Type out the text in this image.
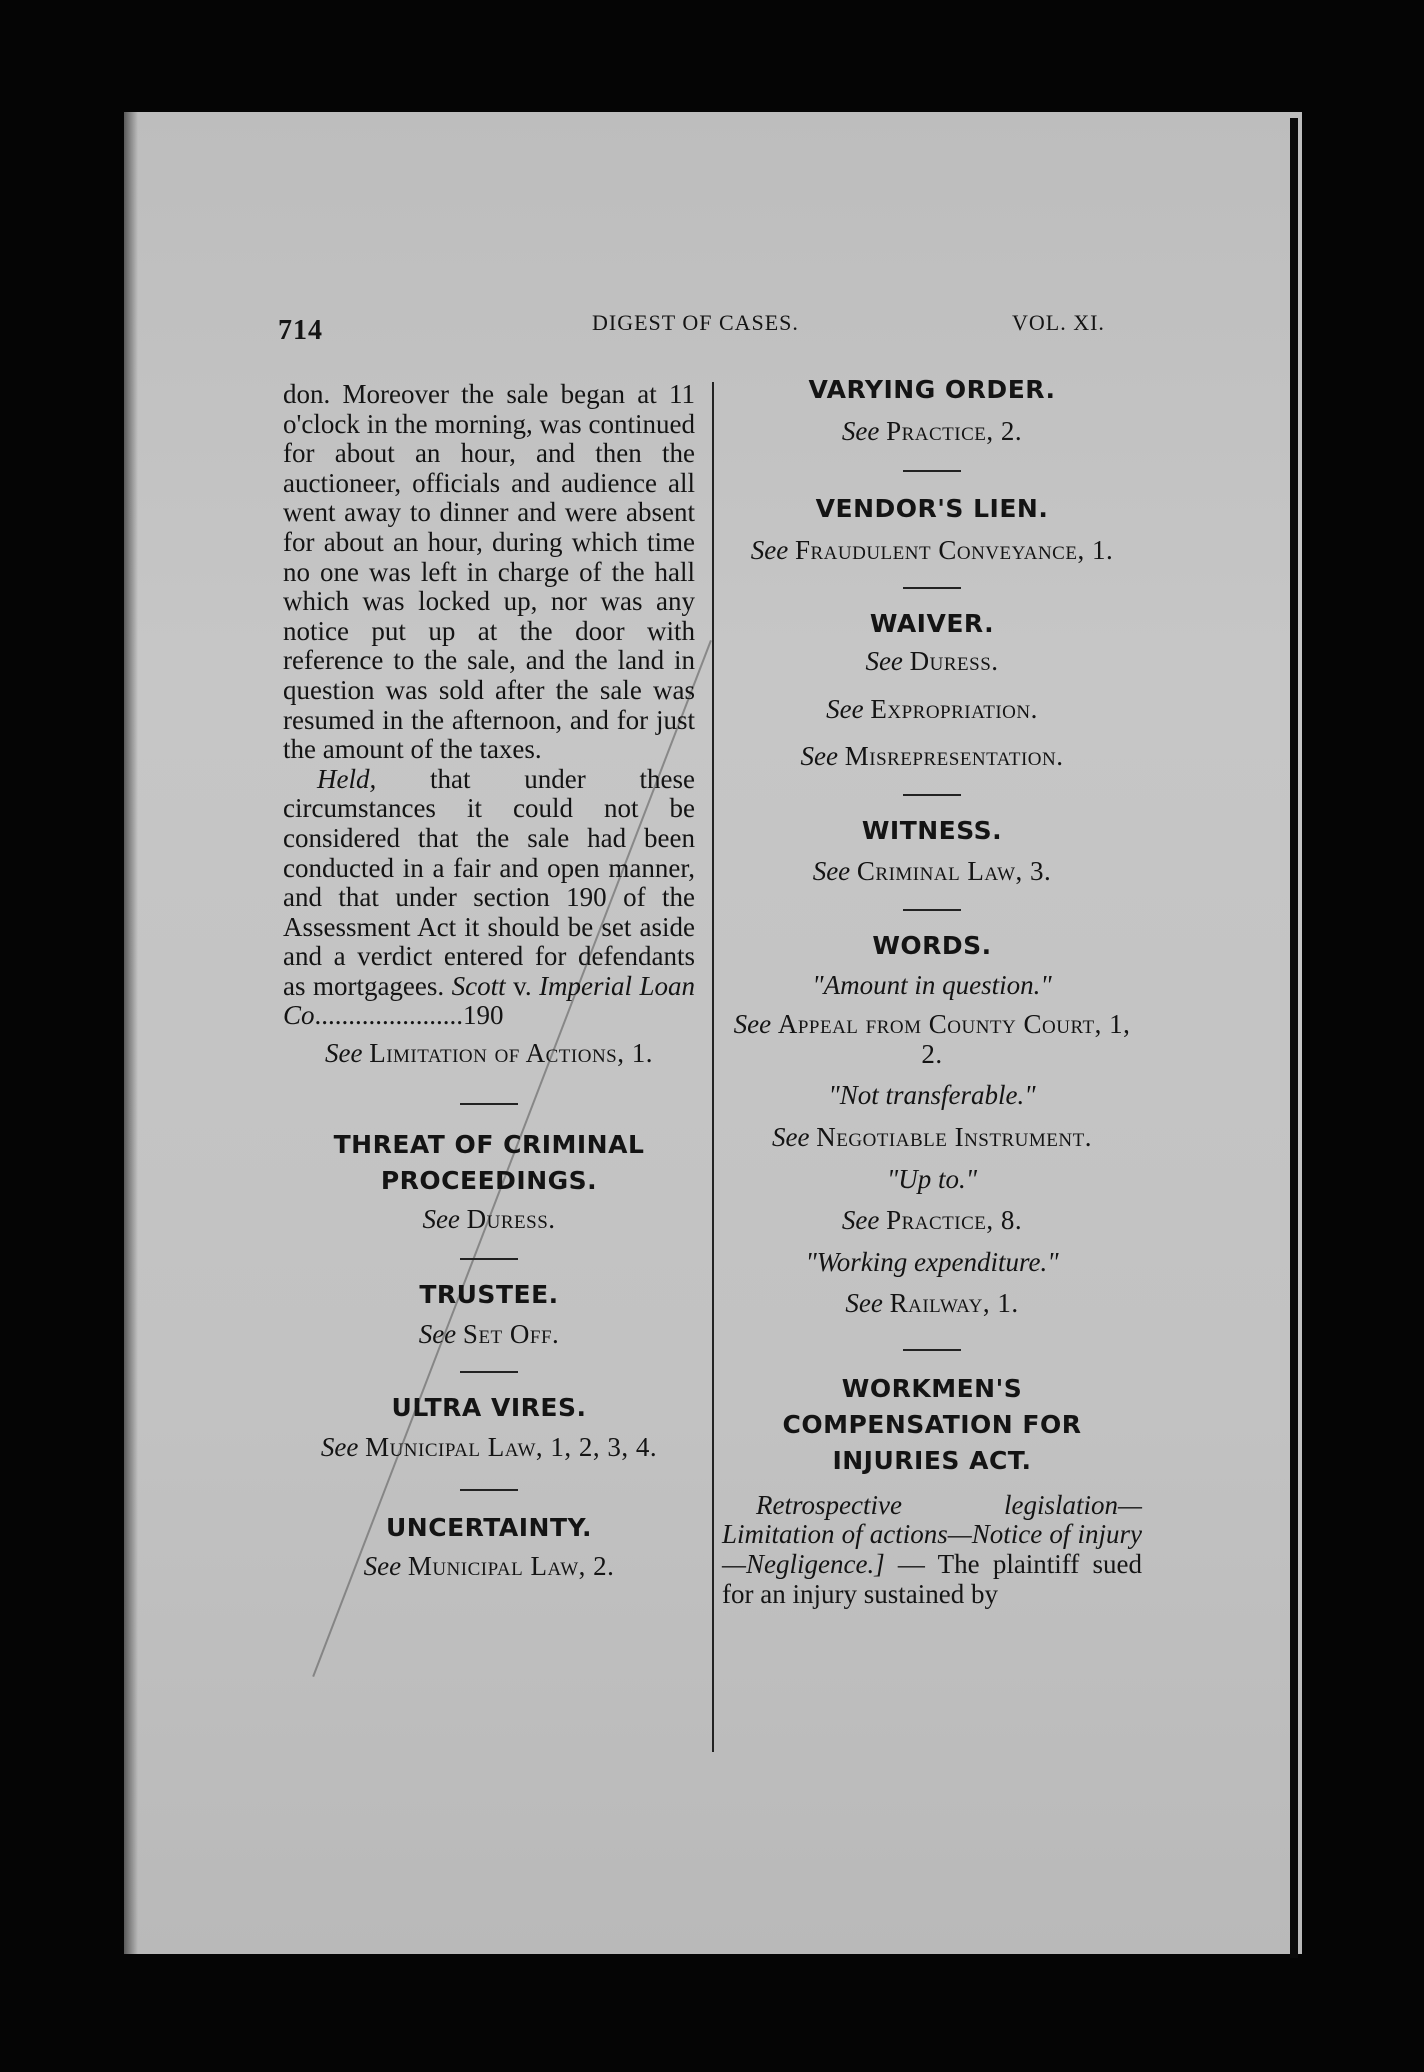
714	DIGEST OF CASES.	VOL. XI.

don. Moreover the sale began at 11 o'clock in the morning, was continued for about an hour, and then the auctioneer, officials and audience all went away to dinner and were absent for about an hour, during which time no one was left in charge of the hall which was locked up, nor was any notice put up at the door with reference to the sale, and the land in question was sold after the sale was resumed in the afternoon, and for just the amount of the taxes.

Held, that under these circumstances it could not be considered that the sale had been conducted in a fair and open manner, and that under section 190 of the Assessment Act it should be set aside and a verdict entered for defendants as mortgagees. Scott v. Imperial Loan Co......................190

See Limitation of Actions, 1.

THREAT OF CRIMINAL PROCEEDINGS.

See Duress.

TRUSTEE.

See Set Off.

ULTRA VIRES.

See Municipal Law, 1, 2, 3, 4.

UNCERTAINTY.

See Municipal Law, 2.

VARYING ORDER.

See Practice, 2.

VENDOR'S LIEN.

See Fraudulent Conveyance, 1.

WAIVER.

See Duress.

See Expropriation.

See Misrepresentation.

WITNESS.

See Criminal Law, 3.

WORDS.

"Amount in question."

See Appeal from County Court, 1, 2.

"Not transferable."

See Negotiable Instrument.

"Up to."

See Practice, 8.

"Working expenditure."

See Railway, 1.

WORKMEN'S COMPENSATION FOR INJURIES ACT.

Retrospective legislation—Limitation of actions—Notice of injury—Negligence.] — The plaintiff sued for an injury sustained by
